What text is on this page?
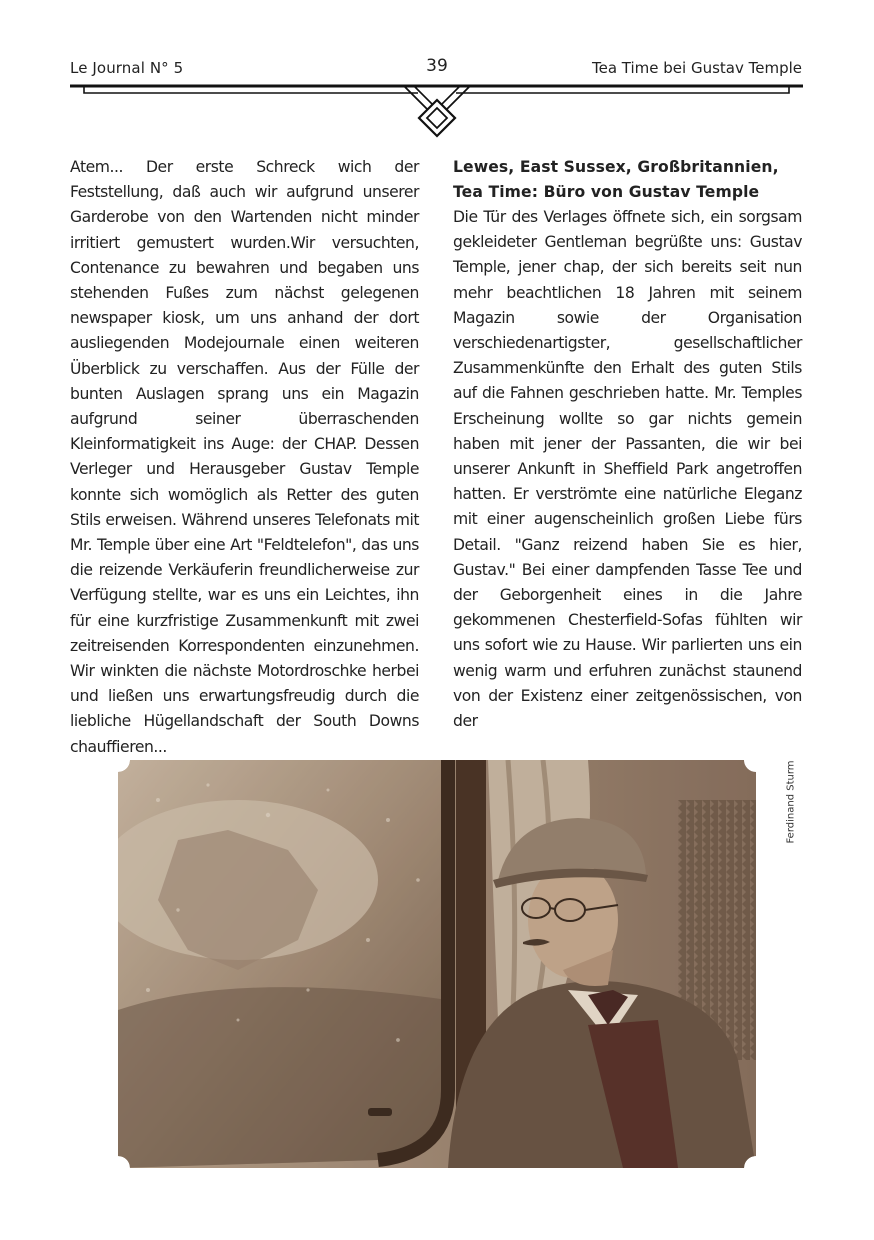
Le Journal N° 5	39	Tea Time bei Gustav Temple

Atem... Der erste Schreck wich der Feststellung, daß auch wir aufgrund unserer Garderobe von den Wartenden nicht minder irritiert gemustert wurden.Wir versuchten, Contenance zu bewahren und begaben uns stehenden Fußes zum nächst gelegenen newspaper kiosk, um uns anhand der dort ausliegenden Modejournale einen weiteren Überblick zu verschaffen. Aus der Fülle der bunten Auslagen sprang uns ein Magazin aufgrund seiner überraschenden Kleinformatigkeit ins Auge: der CHAP. Dessen Verleger und Herausgeber Gustav Temple konnte sich womöglich als Retter des guten Stils erweisen. Während unseres Telefonats mit Mr. Temple über eine Art "Feldtelefon", das uns die reizende Verkäuferin freundlicherweise zur Verfügung stellte, war es uns ein Leichtes, ihn für eine kurzfristige Zusammenkunft mit zwei zeitreisenden Korrespondenten einzunehmen. Wir winkten die nächste Motordroschke herbei und ließen uns erwartungsfreudig durch die liebliche Hügellandschaft der South Downs chauffieren...

Lewes, East Sussex, Großbritannien, Tea Time: Büro von Gustav Temple

Die Tür des Verlages öffnete sich, ein sorgsam gekleideter Gentleman begrüßte uns: Gustav Temple, jener chap, der sich bereits seit nun mehr beachtlichen 18 Jahren mit seinem Magazin sowie der Organisation verschiedenartigster, gesellschaftlicher Zusammenkünfte den Erhalt des guten Stils auf die Fahnen geschrieben hatte. Mr. Temples Erscheinung wollte so gar nichts gemein haben mit jener der Passanten, die wir bei unserer Ankunft in Sheffield Park angetroffen hatten. Er verströmte eine natürliche Eleganz mit einer augenscheinlich großen Liebe fürs Detail. "Ganz reizend haben Sie es hier, Gustav." Bei einer dampfenden Tasse Tee und der Geborgenheit eines in die Jahre gekommenen Chesterfield-Sofas fühlten wir uns sofort wie zu Hause. Wir parlierten uns ein wenig warm und erfuhren zunächst staunend von der Existenz einer zeitgenössischen, von der

Ferdinand Sturm
